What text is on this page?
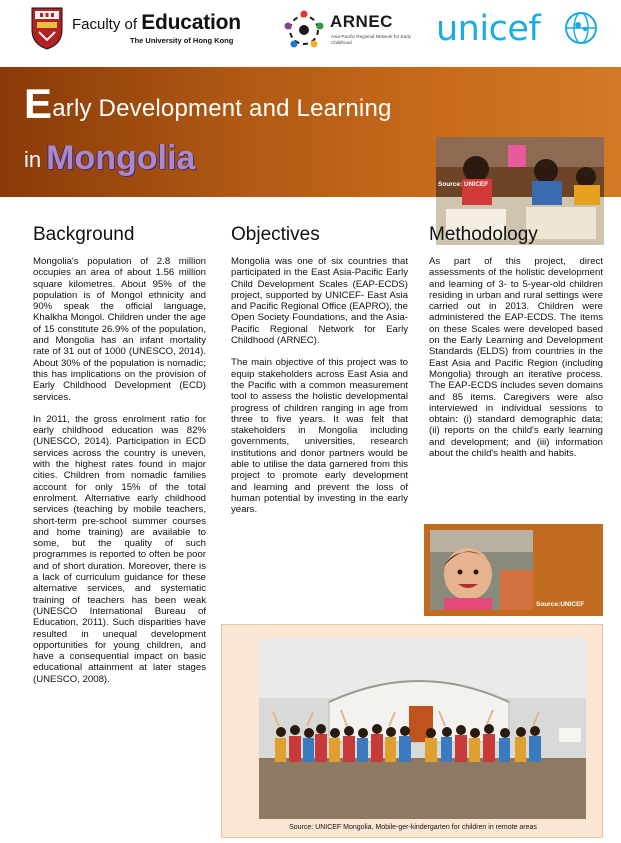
Faculty of Education
The University of Hong Kong
ARNEC
Asia-Pacific Regional Network for Early Childhood	unicef
Early Development and Learning
in Mongolia
Source: UNICEF
Background

Mongolia's population of 2.8 million occupies an area of about 1.56 million square kilometres. About 95% of the population is of Mongol ethnicity and 90% speak the official language, Khalkha Mongol. Children under the age of 15 constitute 26.9% of the population, and Mongolia has an infant mortality rate of 31 out of 1000 (UNESCO, 2014). About 30% of the population is nomadic; this has implications on the provision of Early Childhood Development (ECD) services.

In 2011, the gross enrolment ratio for early childhood education was 82% (UNESCO, 2014). Participation in ECD services across the country is uneven, with the highest rates found in major cities. Children from nomadic families account for only 15% of the total enrolment. Alternative early childhood services (teaching by mobile teachers, short-term pre-school summer courses and home training) are available to some, but the quality of such programmes is reported to often be poor and of short duration. Moreover, there is a lack of curriculum guidance for these alternative services, and systematic training of teachers has been weak (UNESCO International Bureau of Education, 2011). Such disparities have resulted in unequal development opportunities for young children, and have a consequential impact on basic educational attainment at later stages (UNESCO, 2008).

Objectives

Mongolia was one of six countries that participated in the East Asia-Pacific Early Child Development Scales (EAP-ECDS) project, supported by UNICEF- East Asia and Pacific Regional Office (EAPRO), the Open Society Foundations, and the Asia-Pacific Regional Network for Early Childhood (ARNEC).

The main objective of this project was to equip stakeholders across East Asia and the Pacific with a common measurement tool to assess the holistic developmental progress of children ranging in age from three to five years. It was felt that stakeholders in Mongolia including governments, universities, research institutions and donor partners would be able to utilise the data garnered from this project to promote early development and learning and prevent the loss of human potential by investing in the early years.

Methodology

As part of this project, direct assessments of the holistic development and learning of 3- to 5-year-old children residing in urban and rural settings were carried out in 2013. Children were administered the EAP-ECDS. The items on these Scales were developed based on the Early Learning and Development Standards (ELDS) from countries in the East Asia and Pacific Region (including Mongolia) through an iterative process. The EAP-ECDS includes seven domains and 85 items. Caregivers were also interviewed in individual sessions to obtain: (i) standard demographic data; (ii) reports on the child's early learning and development; and (iii) information about the child's health and habits.

Source:UNICEF
Source: UNICEF Mongolia, Mobile-ger-kindergarten for children in remote areas
